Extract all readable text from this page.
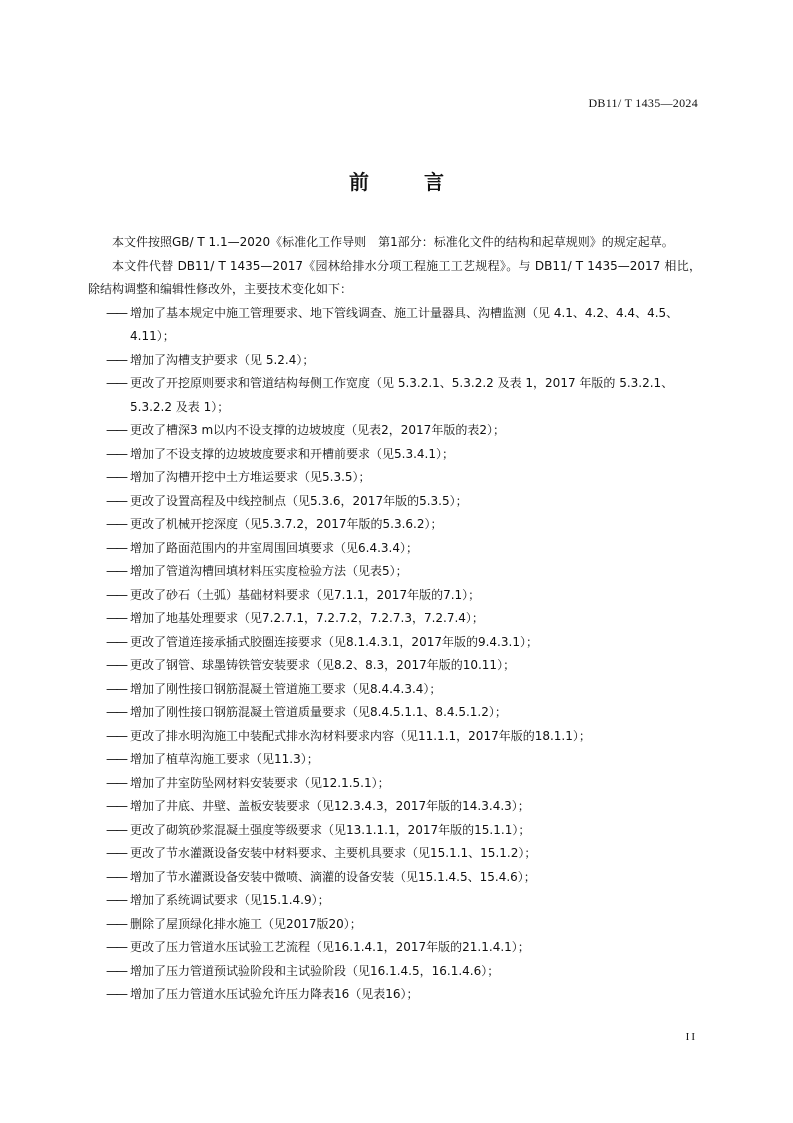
DB11/ T 1435—2024
前 言

本文件按照GB/ T 1.1—2020《标准化工作导则　第1部分：标准化文件的结构和起草规则》的规定起草。

本文件代替 DB11/ T 1435—2017《园林给排水分项工程施工工艺规程》。与 DB11/ T 1435—2017 相比，除结构调整和编辑性修改外，主要技术变化如下：

—— 增加了基本规定中施工管理要求、地下管线调查、施工计量器具、沟槽监测（见 4.1、4.2、4.4、4.5、4.11）；
—— 增加了沟槽支护要求（见 5.2.4）；
—— 更改了开挖原则要求和管道结构每侧工作宽度（见 5.3.2.1、5.3.2.2 及表 1，2017 年版的 5.3.2.1、5.3.2.2 及表 1）；
—— 更改了槽深3 m以内不设支撑的边坡坡度（见表2，2017年版的表2）；
—— 增加了不设支撑的边坡坡度要求和开槽前要求（见5.3.4.1）；
—— 增加了沟槽开挖中土方堆运要求（见5.3.5）；
—— 更改了设置高程及中线控制点（见5.3.6，2017年版的5.3.5）；
—— 更改了机械开挖深度（见5.3.7.2，2017年版的5.3.6.2）；
—— 增加了路面范围内的井室周围回填要求（见6.4.3.4）；
—— 增加了管道沟槽回填材料压实度检验方法（见表5）；
—— 更改了砂石（土弧）基础材料要求（见7.1.1，2017年版的7.1）；
—— 增加了地基处理要求（见7.2.7.1，7.2.7.2，7.2.7.3，7.2.7.4）；
—— 更改了管道连接承插式胶圈连接要求（见8.1.4.3.1，2017年版的9.4.3.1）；
—— 更改了钢管、球墨铸铁管安装要求（见8.2、8.3，2017年版的10.11）；
—— 增加了刚性接口钢筋混凝土管道施工要求（见8.4.4.3.4）；
—— 增加了刚性接口钢筋混凝土管道质量要求（见8.4.5.1.1、8.4.5.1.2）；
—— 更改了排水明沟施工中装配式排水沟材料要求内容（见11.1.1，2017年版的18.1.1）；
—— 增加了植草沟施工要求（见11.3）；
—— 增加了井室防坠网材料安装要求（见12.1.5.1）；
—— 增加了井底、井壁、盖板安装要求（见12.3.4.3，2017年版的14.3.4.3）；
—— 更改了砌筑砂浆混凝土强度等级要求（见13.1.1.1，2017年版的15.1.1）；
—— 更改了节水灌溉设备安装中材料要求、主要机具要求（见15.1.1、15.1.2）；
—— 增加了节水灌溉设备安装中微喷、滴灌的设备安装（见15.1.4.5、15.4.6）；
—— 增加了系统调试要求（见15.1.4.9）；
—— 删除了屋顶绿化排水施工（见2017版20）；
—— 更改了压力管道水压试验工艺流程（见16.1.4.1，2017年版的21.1.4.1）；
—— 增加了压力管道预试验阶段和主试验阶段（见16.1.4.5，16.1.4.6）；
—— 增加了压力管道水压试验允许压力降表16（见表16）；
II
